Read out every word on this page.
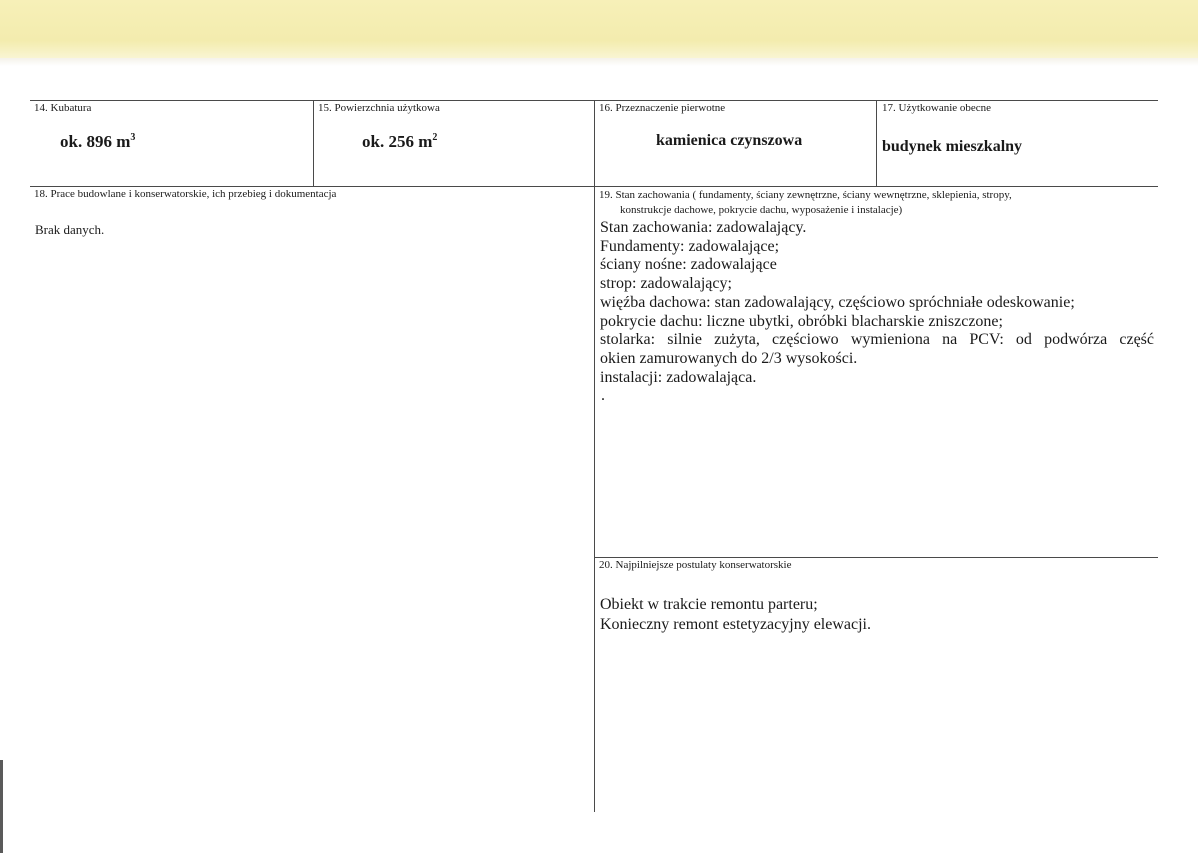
14. Kubatura
ok. 896 $m^3$
15. Powierzchnia użytkowa
ok. 256 $m^2$
16. Przeznaczenie pierwotne
kamienica czynszowa
17. Użytkowanie obecne
budynek mieszkalny
18. Prace budowlane i konserwatorskie, ich przebieg i dokumentacja
Brak danych.
19. Stan zachowania ( fundamenty, ściany zewnętrzne, ściany wewnętrzne, sklepienia, stropy,
konstrukcje dachowe, pokrycie dachu, wyposażenie i instalacje)
Stan zachowania: zadowalający.
Fundamenty: zadowalające;
ściany nośne: zadowalające
strop: zadowalający;
więźba dachowa: stan zadowalający, częściowo spróchniałe odeskowanie;
pokrycie dachu: liczne ubytki, obróbki blacharskie zniszczone;
stolarka: silnie zużyta, częściowo wymieniona na PCV: od podwórza część
okien zamurowanych do 2/3 wysokości.
instalacji: zadowalająca.
.
20. Najpilniejsze postulaty konserwatorskie
Obiekt w trakcie remontu parteru;
Konieczny remont estetyzacyjny elewacji.
